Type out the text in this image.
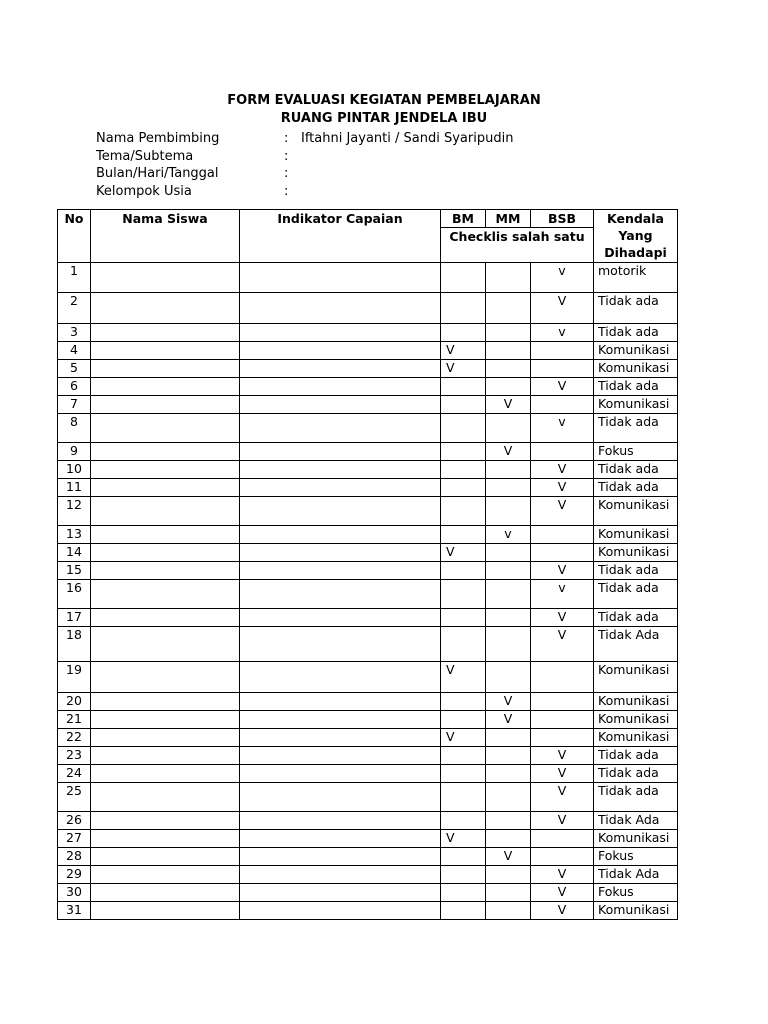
FORM EVALUASI KEGIATAN PEMBELAJARAN
RUANG PINTAR JENDELA IBU
Nama Pembimbing	: Iftahni Jayanti / Sandi Syaripudin
Tema/Subtema	:
Bulan/Hari/Tanggal	:
Kelompok Usia	:
No	Nama Siswa	Indikator Capaian	BM	MM	BSB	Kendala Yang Dihadapi
			Checklis salah satu			
1					v	motorik
2					V	Tidak ada
3					v	Tidak ada
4			V			Komunikasi
5			V			Komunikasi
6					V	Tidak ada
7				V		Komunikasi
8					v	Tidak ada
9				V		Fokus
10					V	Tidak ada
11					V	Tidak ada
12					V	Komunikasi
13				v		Komunikasi
14			V			Komunikasi
15					V	Tidak ada
16					v	Tidak ada
17					V	Tidak ada
18					V	Tidak Ada
19			V			Komunikasi
20				V		Komunikasi
21				V		Komunikasi
22			V			Komunikasi
23					V	Tidak ada
24					V	Tidak ada
25					V	Tidak ada
26					V	Tidak Ada
27			V			Komunikasi
28				V		Fokus
29					V	Tidak Ada
30					V	Fokus
31					V	Komunikasi
